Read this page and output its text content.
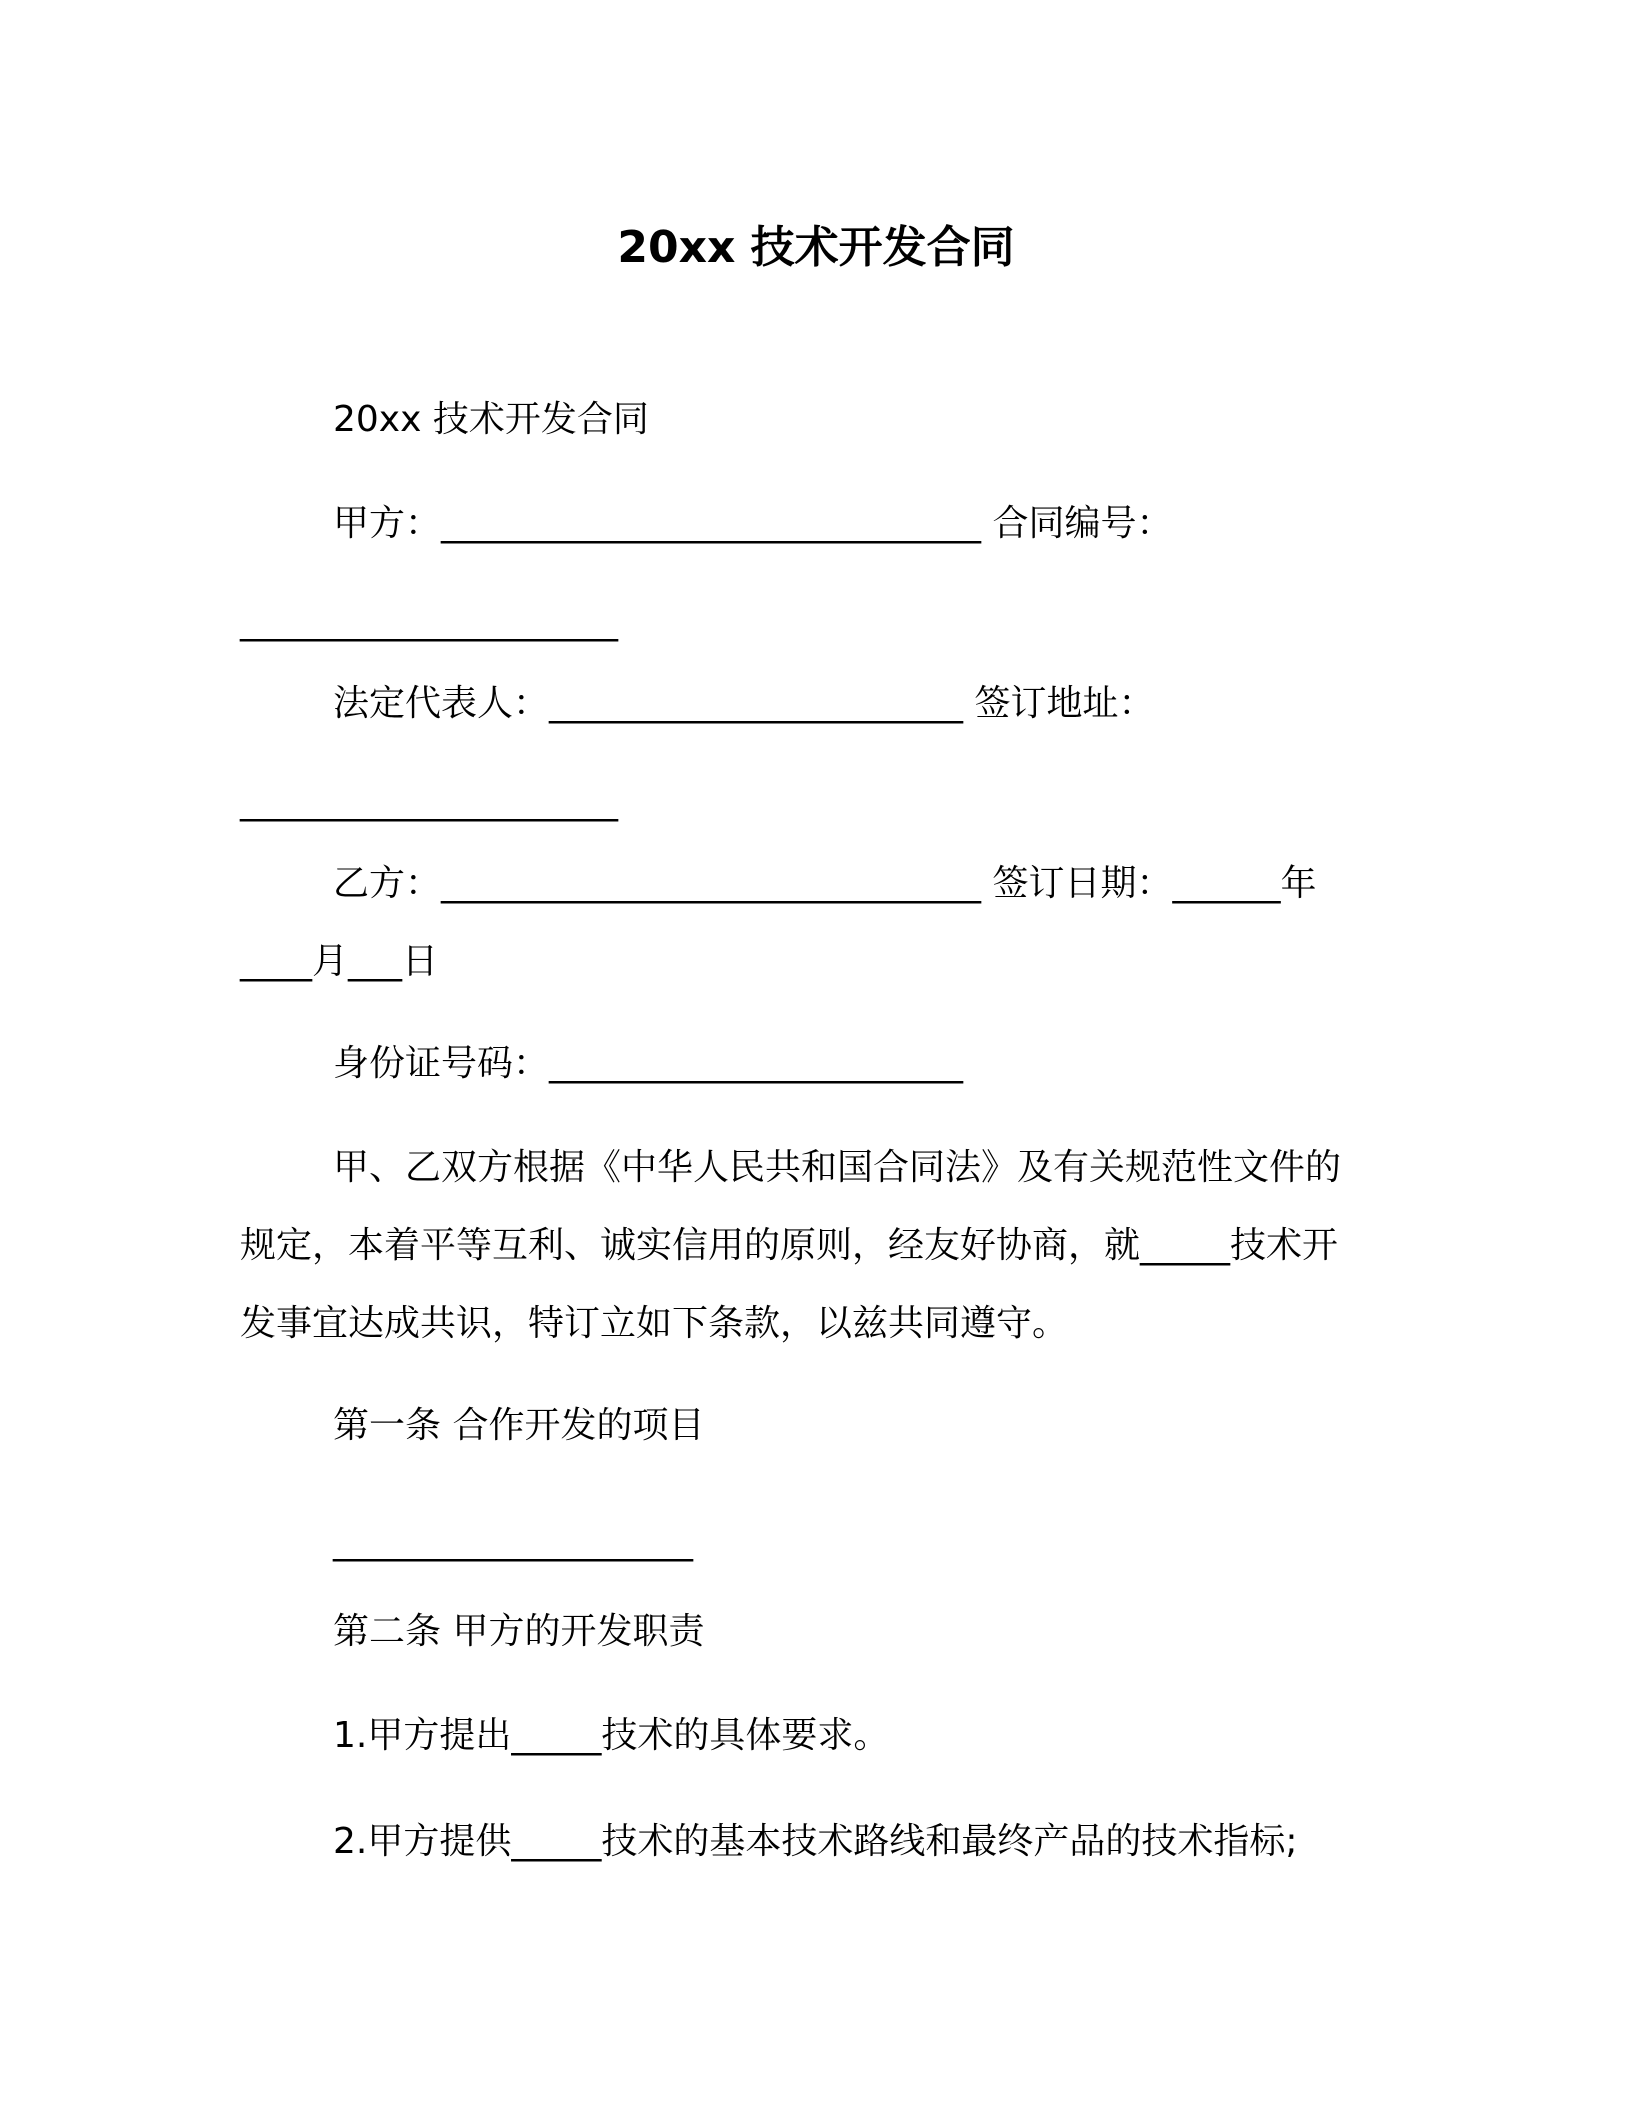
20xx 技术开发合同
20xx 技术开发合同
甲方：______________________________ 合同编号：
_____________________
法定代表人：_______________________ 签订地址：
_____________________
乙方：______________________________ 签订日期：______年
____月___日
身份证号码：_______________________
甲、乙双方根据《中华人民共和国合同法》及有关规范性文件的
规定，本着平等互利、诚实信用的原则，经友好协商，就_____技术开
发事宜达成共识，特订立如下条款，以兹共同遵守。
第一条 合作开发的项目
____________________
第二条 甲方的开发职责
1.甲方提出_____技术的具体要求。
2.甲方提供_____技术的基本技术路线和最终产品的技术指标;
